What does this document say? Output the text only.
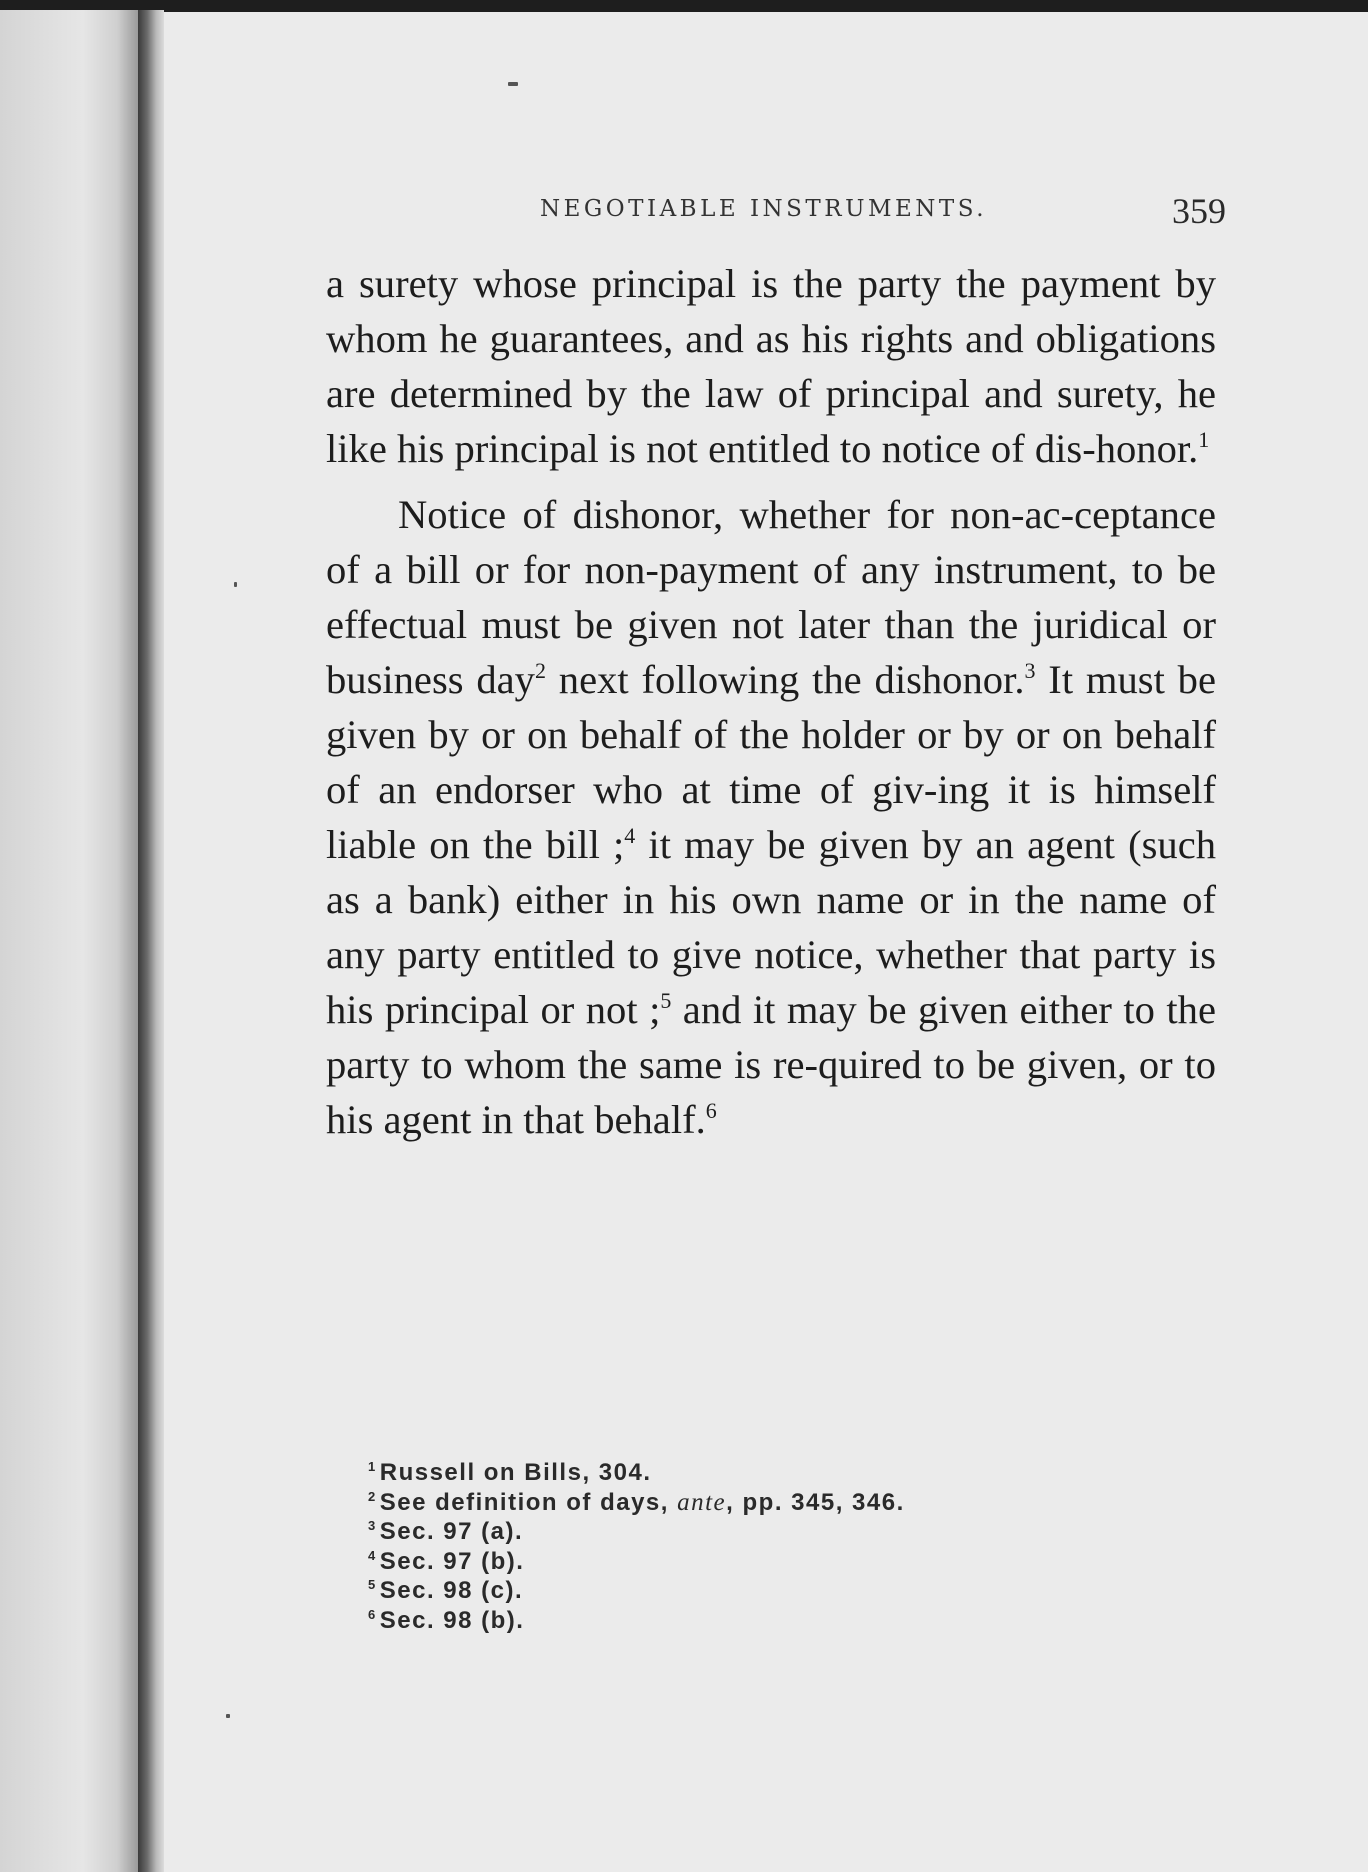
NEGOTIABLE INSTRUMENTS.	359

a surety whose principal is the party the payment by whom he guarantees, and as his rights and obligations are determined by the law of principal and surety, he like his principal is not entitled to notice of dis-honor.$^1$

Notice of dishonor, whether for non-ac-ceptance of a bill or for non-payment of any instrument, to be effectual must be given not later than the juridical or business day$^2$ next following the dishonor.$^3$ It must be given by or on behalf of the holder or by or on behalf of an endorser who at time of giv-ing it is himself liable on the bill ;$^4$ it may be given by an agent (such as a bank) either in his own name or in the name of any party entitled to give notice, whether that party is his principal or not ;$^5$ and it may be given either to the party to whom the same is re-quired to be given, or to his agent in that behalf.$^6$

$^1$ Russell on Bills, 304.
$^2$ See definition of days, ante, pp. 345, 346.
$^3$ Sec. 97 (a).
$^4$ Sec. 97 (b).
$^5$ Sec. 98 (c).
$^6$ Sec. 98 (b).
